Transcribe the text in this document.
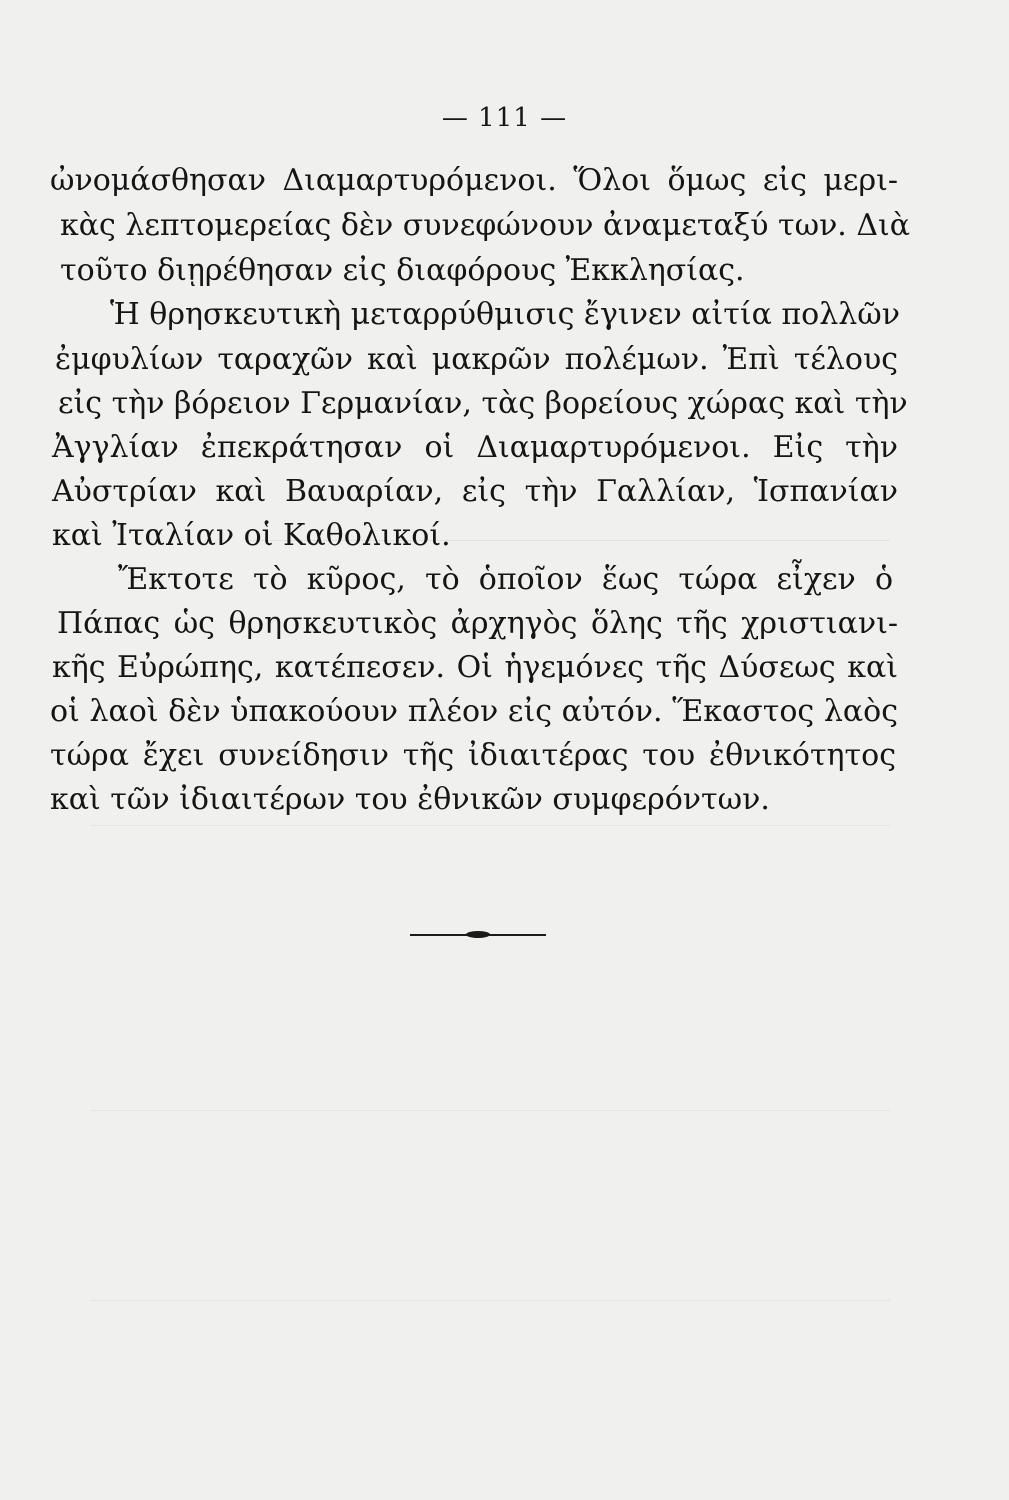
— 111 —
ὠνομάσθησαν Διαμαρτυρόμενοι. Ὅλοι ὅμως εἰς μερι-
κὰς λεπτομερείας δὲν συνεφώνουν ἀναμεταξύ των. Διὰ
τοῦτο διῃρέθησαν εἰς διαφόρους Ἐκκλησίας.
Ἡ θρησκευτικὴ μεταρρύθμισις ἔγινεν αἰτία πολλῶν
ἐμφυλίων ταραχῶν καὶ μακρῶν πολέμων. Ἐπὶ τέλους
εἰς τὴν βόρειον Γερμανίαν, τὰς βορείους χώρας καὶ τὴν
Ἀγγλίαν ἐπεκράτησαν οἱ Διαμαρτυρόμενοι. Εἰς τὴν
Αὐστρίαν καὶ Βαυαρίαν, εἰς τὴν Γαλλίαν, Ἱσπανίαν
καὶ Ἰταλίαν οἱ Καθολικοί.
Ἔκτοτε τὸ κῦρος, τὸ ὁποῖον ἕως τώρα εἶχεν ὁ
Πάπας ὡς θρησκευτικὸς ἀρχηγὸς ὅλης τῆς χριστιανι-
κῆς Εὐρώπης, κατέπεσεν. Οἱ ἡγεμόνες τῆς Δύσεως καὶ
οἱ λαοὶ δὲν ὑπακούουν πλέον εἰς αὐτόν. Ἕκαστος λαὸς
τώρα ἔχει συνείδησιν τῆς ἰδιαιτέρας του ἐθνικότητος
καὶ τῶν ἰδιαιτέρων του ἐθνικῶν συμφερόντων.
